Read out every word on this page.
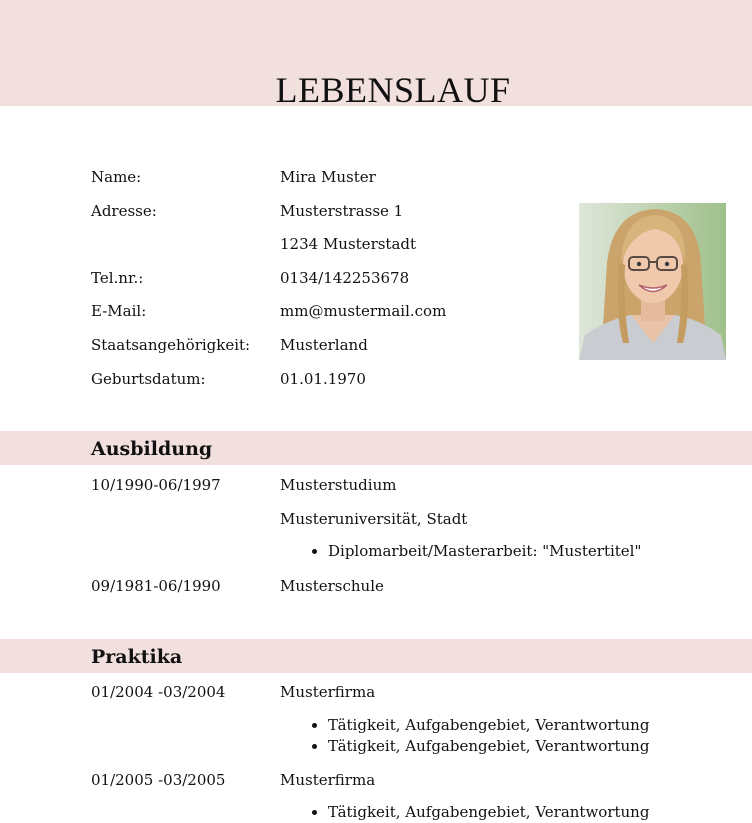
LEBENSLAUF
Name:	Mira Muster
Adresse:	Musterstrasse 1
1234 Musterstadt
Tel.nr.:	0134/142253678
E-Mail:	mm@mustermail.com
Staatsangehörigkeit: Musterland
Geburtsdatum:	01.01.1970
Ausbildung
10/1990-06/1997	Musterstudium
Musteruniversität, Stadt
• Diplomarbeit/Masterarbeit: "Mustertitel"
09/1981-06/1990	Musterschule
Praktika
01/2004 -03/2004	Musterfirma
• Tätigkeit, Aufgabengebiet, Verantwortung
• Tätigkeit, Aufgabengebiet, Verantwortung
01/2005 -03/2005	Musterfirma
• Tätigkeit, Aufgabengebiet, Verantwortung
